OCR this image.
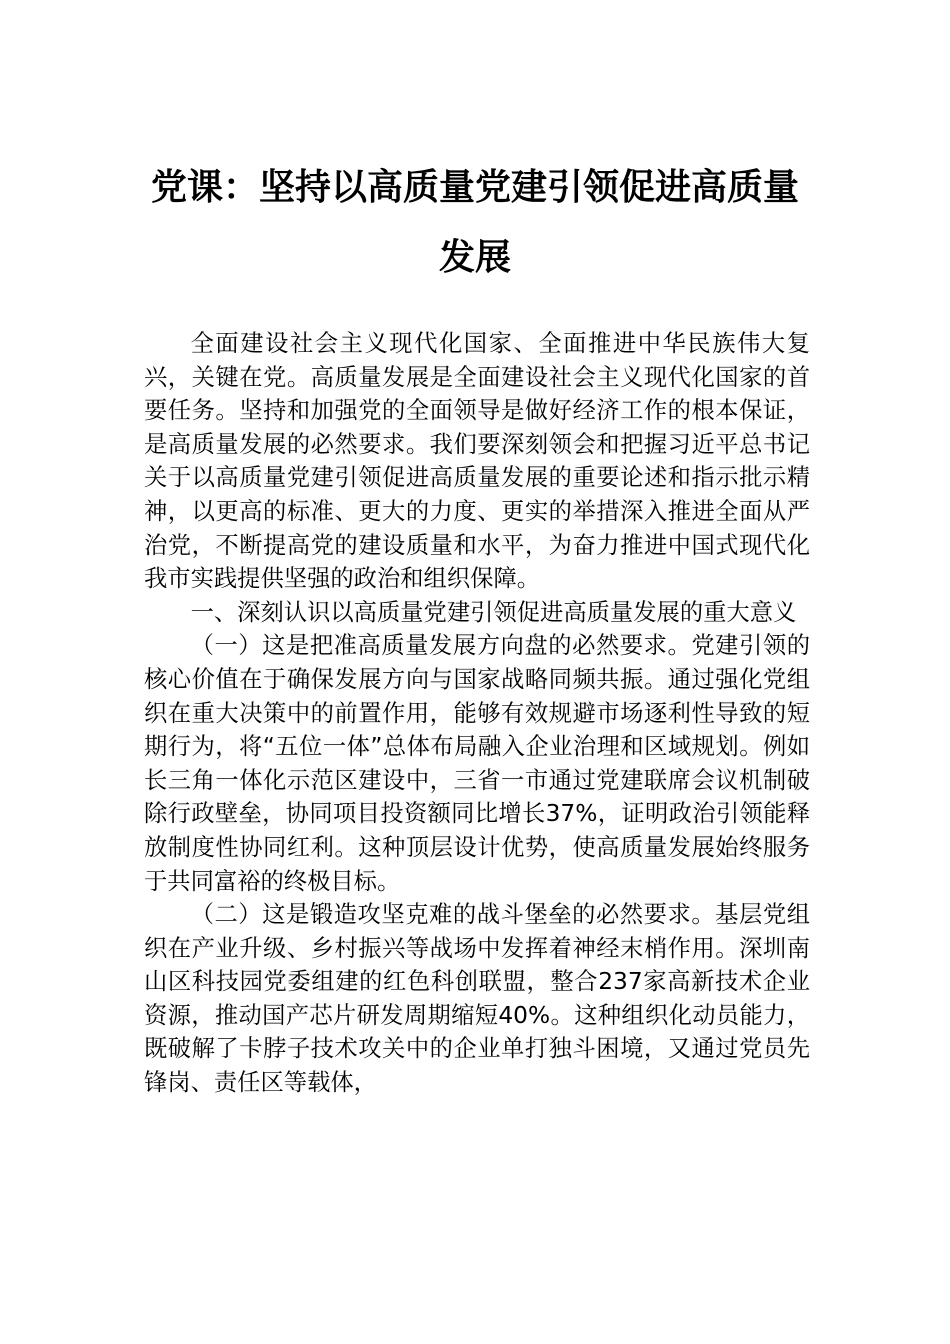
党课：坚持以高质量党建引领促进高质量
发展

全面建设社会主义现代化国家、全面推进中华民族伟大复兴，关键在党。高质量发展是全面建设社会主义现代化国家的首要任务。坚持和加强党的全面领导是做好经济工作的根本保证，是高质量发展的必然要求。我们要深刻领会和把握习近平总书记关于以高质量党建引领促进高质量发展的重要论述和指示批示精神，以更高的标准、更大的力度、更实的举措深入推进全面从严治党，不断提高党的建设质量和水平，为奋力推进中国式现代化我市实践提供坚强的政治和组织保障。

一、深刻认识以高质量党建引领促进高质量发展的重大意义

（一）这是把准高质量发展方向盘的必然要求。党建引领的核心价值在于确保发展方向与国家战略同频共振。通过强化党组织在重大决策中的前置作用，能够有效规避市场逐利性导致的短期行为，将“五位一体”总体布局融入企业治理和区域规划。例如长三角一体化示范区建设中，三省一市通过党建联席会议机制破除行政壁垒，协同项目投资额同比增长37%，证明政治引领能释放制度性协同红利。这种顶层设计优势，使高质量发展始终服务于共同富裕的终极目标。

（二）这是锻造攻坚克难的战斗堡垒的必然要求。基层党组织在产业升级、乡村振兴等战场中发挥着神经末梢作用。深圳南山区科技园党委组建的红色科创联盟，整合237家高新技术企业资源，推动国产芯片研发周期缩短40%。这种组织化动员能力，既破解了卡脖子技术攻关中的企业单打独斗困境，又通过党员先锋岗、责任区等载体，
